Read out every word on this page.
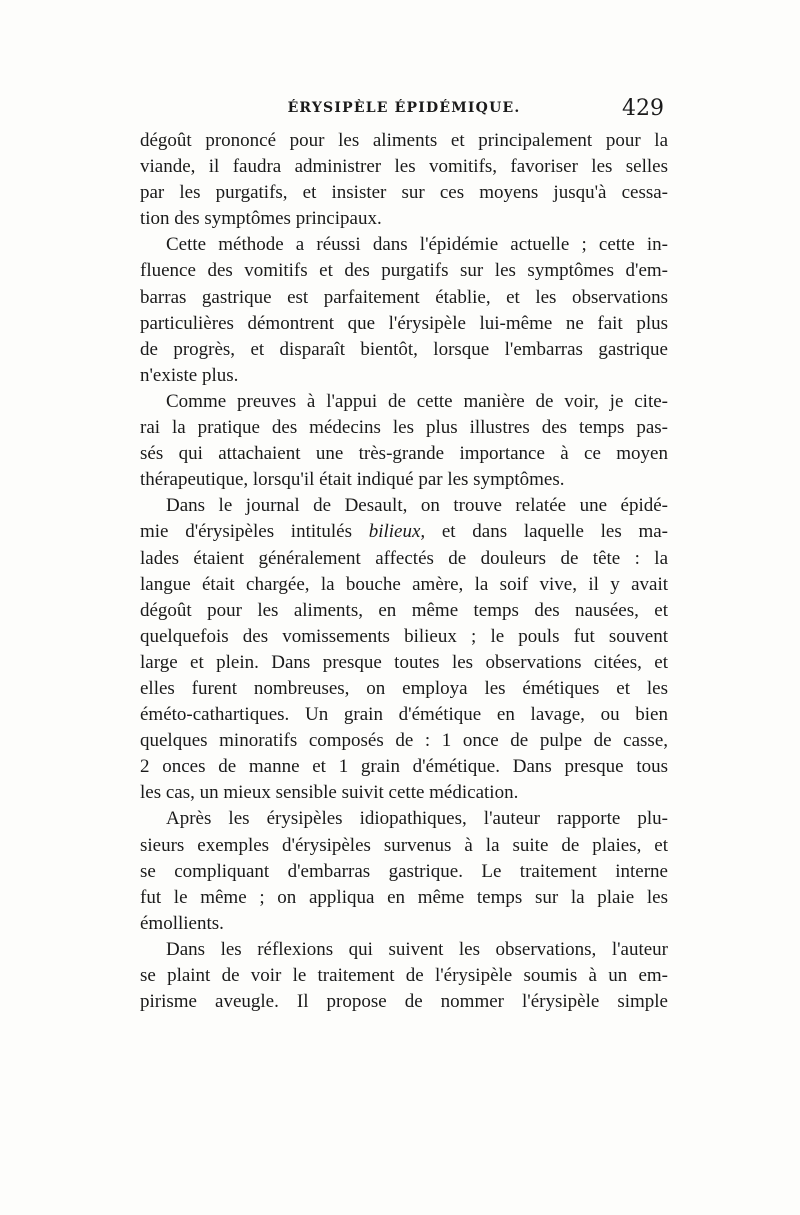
ÉRYSIPÈLE ÉPIDÉMIQUE.	429
dégoût prononcé pour les aliments et principalement pour la
viande, il faudra administrer les vomitifs, favoriser les selles
par les purgatifs, et insister sur ces moyens jusqu'à cessa-
tion des symptômes principaux.
Cette méthode a réussi dans l'épidémie actuelle ; cette in-
fluence des vomitifs et des purgatifs sur les symptômes d'em-
barras gastrique est parfaitement établie, et les observations
particulières démontrent que l'érysipèle lui-même ne fait plus
de progrès, et disparaît bientôt, lorsque l'embarras gastrique
n'existe plus.
Comme preuves à l'appui de cette manière de voir, je cite-
rai la pratique des médecins les plus illustres des temps pas-
sés qui attachaient une très-grande importance à ce moyen
thérapeutique, lorsqu'il était indiqué par les symptômes.
Dans le journal de Desault, on trouve relatée une épidé-
mie d'érysipèles intitulés bilieux, et dans laquelle les ma-
lades étaient généralement affectés de douleurs de tête : la
langue était chargée, la bouche amère, la soif vive, il y avait
dégoût pour les aliments, en même temps des nausées, et
quelquefois des vomissements bilieux ; le pouls fut souvent
large et plein. Dans presque toutes les observations citées, et
elles furent nombreuses, on employa les émétiques et les
éméto-cathartiques. Un grain d'émétique en lavage, ou bien
quelques minoratifs composés de : 1 once de pulpe de casse,
2 onces de manne et 1 grain d'émétique. Dans presque tous
les cas, un mieux sensible suivit cette médication.
Après les érysipèles idiopathiques, l'auteur rapporte plu-
sieurs exemples d'érysipèles survenus à la suite de plaies, et
se compliquant d'embarras gastrique. Le traitement interne
fut le même ; on appliqua en même temps sur la plaie les
émollients.
Dans les réflexions qui suivent les observations, l'auteur
se plaint de voir le traitement de l'érysipèle soumis à un em-
pirisme aveugle. Il propose de nommer l'érysipèle simple
